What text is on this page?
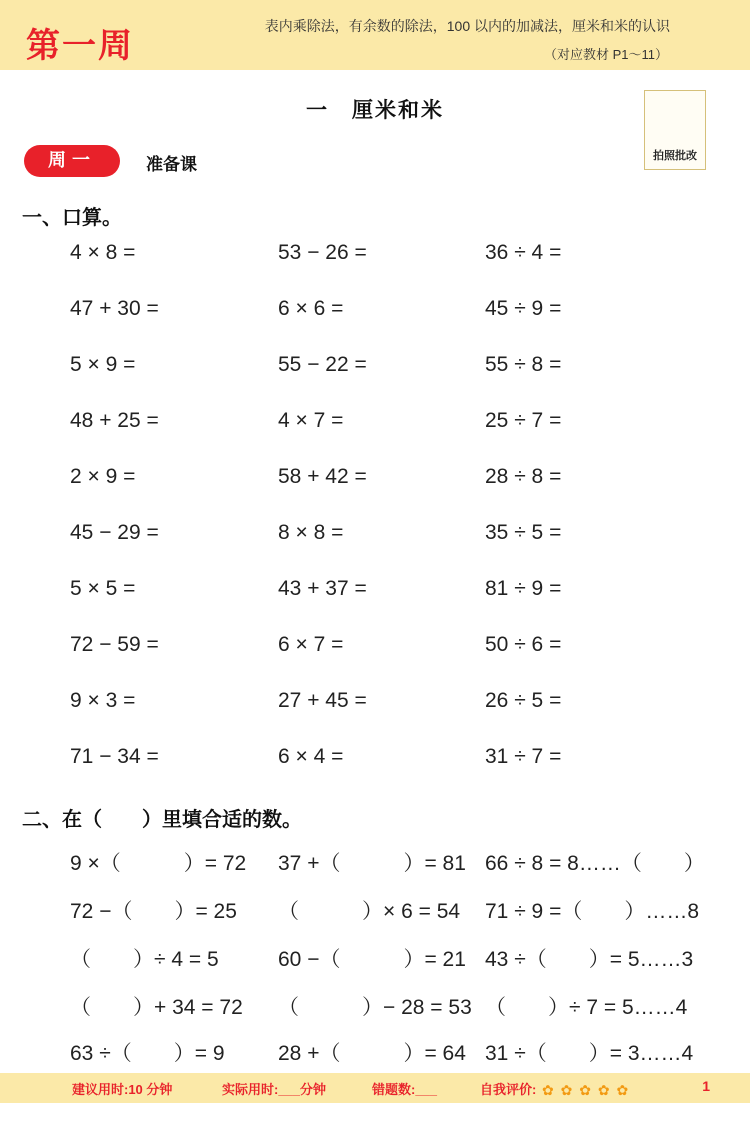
第一周	表内乘除法，有余数的除法，100 以内的加减法，厘米和米的认识
（对应教材 P1～11）
一　厘米和米
拍照批改
周一	准备课
一、口算。
4 × 8 =	53 − 26 =	36 ÷ 4 =
47 + 30 =	6 × 6 =	45 ÷ 9 =
5 × 9 =	55 − 22 =	55 ÷ 8 =
48 + 25 =	4 × 7 =	25 ÷ 7 =
2 × 9 =	58 + 42 =	28 ÷ 8 =
45 − 29 =	8 × 8 =	35 ÷ 5 =
5 × 5 =	43 + 37 =	81 ÷ 9 =
72 − 59 =	6 × 7 =	50 ÷ 6 =
9 × 3 =	27 + 45 =	26 ÷ 5 =
71 − 34 =	6 × 4 =	31 ÷ 7 =
二、在（　　）里填合适的数。
9 ×（　　　）= 72 37 +（　　　）= 81 66 ÷ 8 = 8……（　　）
72 −（　　）= 25 （　　　）× 6 = 54 71 ÷ 9 =（　　）……8
（　　）÷ 4 = 5	60 −（　　　）= 21 43 ÷（　　）= 5……3
（　　）+ 34 = 72 （　　　）− 28 = 53 （　　）÷ 7 = 5……4
63 ÷（　　）= 9	28 +（　　　）= 64 31 ÷（　　）= 3……4
建议用时:10 分钟	实际用时:___分钟	错题数:___	自我评价: ✿ ✿ ✿ ✿ ✿	1
